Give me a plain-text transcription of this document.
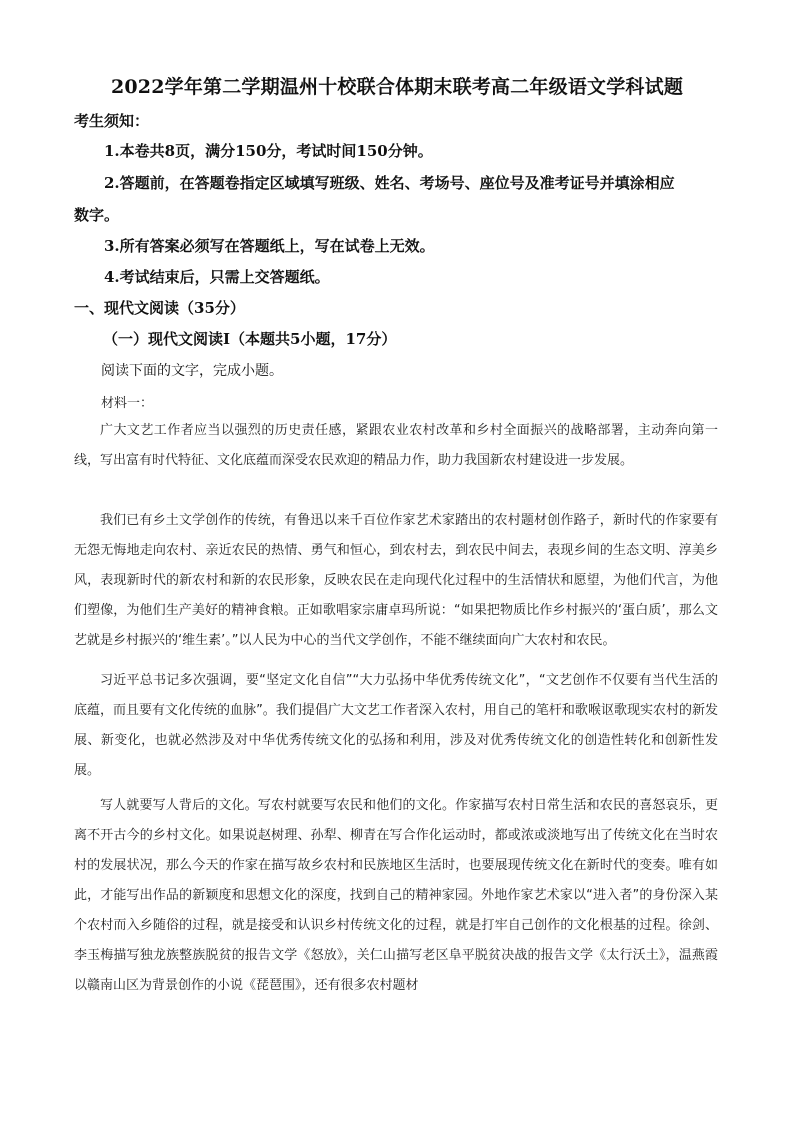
2022学年第二学期温州十校联合体期末联考高二年级语文学科试题
考生须知：
1.本卷共8页，满分150分，考试时间150分钟。
2.答题前，在答题卷指定区域填写班级、姓名、考场号、座位号及准考证号并填涂相应
数字。
3.所有答案必须写在答题纸上，写在试卷上无效。
4.考试结束后，只需上交答题纸。
一、现代文阅读（35分）
（一）现代文阅读Ⅰ（本题共5小题，17分）
阅读下面的文字，完成小题。
材料一：

广大文艺工作者应当以强烈的历史责任感，紧跟农业农村改革和乡村全面振兴的战略部署，主动奔向第一线，写出富有时代特征、文化底蕴而深受农民欢迎的精品力作，助力我国新农村建设进一步发展。

我们已有乡土文学创作的传统，有鲁迅以来千百位作家艺术家踏出的农村题材创作路子，新时代的作家要有无怨无悔地走向农村、亲近农民的热情、勇气和恒心，到农村去，到农民中间去，表现乡间的生态文明、淳美乡风，表现新时代的新农村和新的农民形象，反映农民在走向现代化过程中的生活情状和愿望，为他们代言，为他们塑像，为他们生产美好的精神食粮。正如歌唱家宗庸卓玛所说：“如果把物质比作乡村振兴的‘蛋白质’，那么文艺就是乡村振兴的‘维生素’。”以人民为中心的当代文学创作，不能不继续面向广大农村和农民。

习近平总书记多次强调，要“坚定文化自信”“大力弘扬中华优秀传统文化”，“文艺创作不仅要有当代生活的底蕴，而且要有文化传统的血脉”。我们提倡广大文艺工作者深入农村，用自己的笔杆和歌喉讴歌现实农村的新发展、新变化，也就必然涉及对中华优秀传统文化的弘扬和利用，涉及对优秀传统文化的创造性转化和创新性发展。

写人就要写人背后的文化。写农村就要写农民和他们的文化。作家描写农村日常生活和农民的喜怒哀乐，更离不开古今的乡村文化。如果说赵树理、孙犁、柳青在写合作化运动时，都或浓或淡地写出了传统文化在当时农村的发展状况，那么今天的作家在描写故乡农村和民族地区生活时，也要展现传统文化在新时代的变奏。唯有如此，才能写出作品的新颖度和思想文化的深度，找到自己的精神家园。外地作家艺术家以“进入者”的身份深入某个农村而入乡随俗的过程，就是接受和认识乡村传统文化的过程，就是打牢自己创作的文化根基的过程。徐剑、李玉梅描写独龙族整族脱贫的报告文学《怒放》，关仁山描写老区阜平脱贫决战的报告文学《太行沃土》，温燕霞以赣南山区为背景创作的小说《琵琶围》，还有很多农村题材
